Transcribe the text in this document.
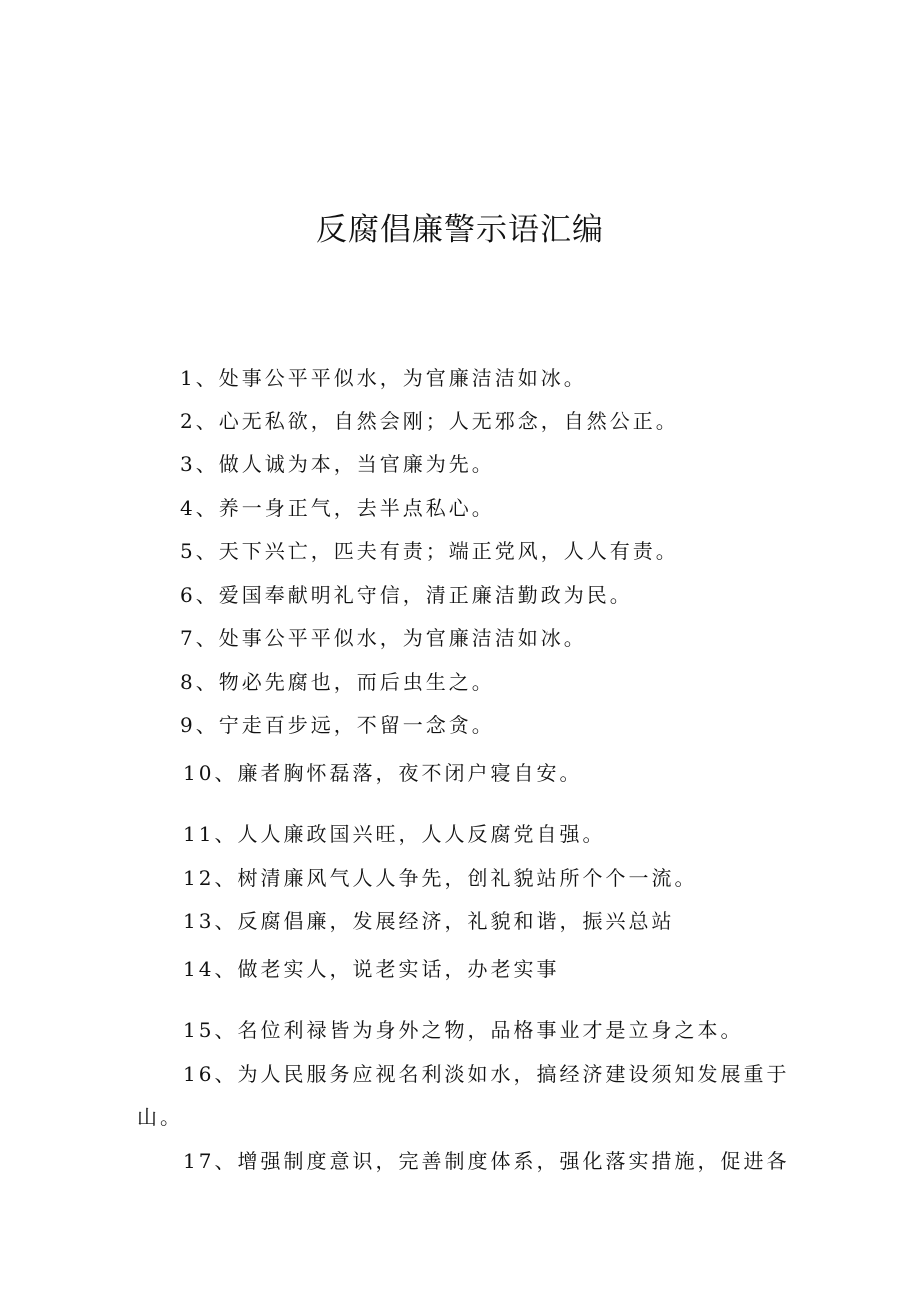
反腐倡廉警示语汇编

1、处事公平平似水，为官廉洁洁如冰。

2、心无私欲，自然会刚；人无邪念，自然公正。

3、做人诚为本，当官廉为先。

4、养一身正气，去半点私心。

5、天下兴亡，匹夫有责；端正党风，人人有责。

6、爱国奉献明礼守信，清正廉洁勤政为民。

7、处事公平平似水，为官廉洁洁如冰。

8、物必先腐也，而后虫生之。

9、宁走百步远，不留一念贪。

10、廉者胸怀磊落，夜不闭户寝自安。

11、人人廉政国兴旺，人人反腐党自强。

12、树清廉风气人人争先，创礼貌站所个个一流。

13、反腐倡廉，发展经济，礼貌和谐，振兴总站

14、做老实人，说老实话，办老实事

15、名位利禄皆为身外之物，品格事业才是立身之本。

16、为人民服务应视名利淡如水，搞经济建设须知发展重于

山。

17、增强制度意识，完善制度体系，强化落实措施，促进各
